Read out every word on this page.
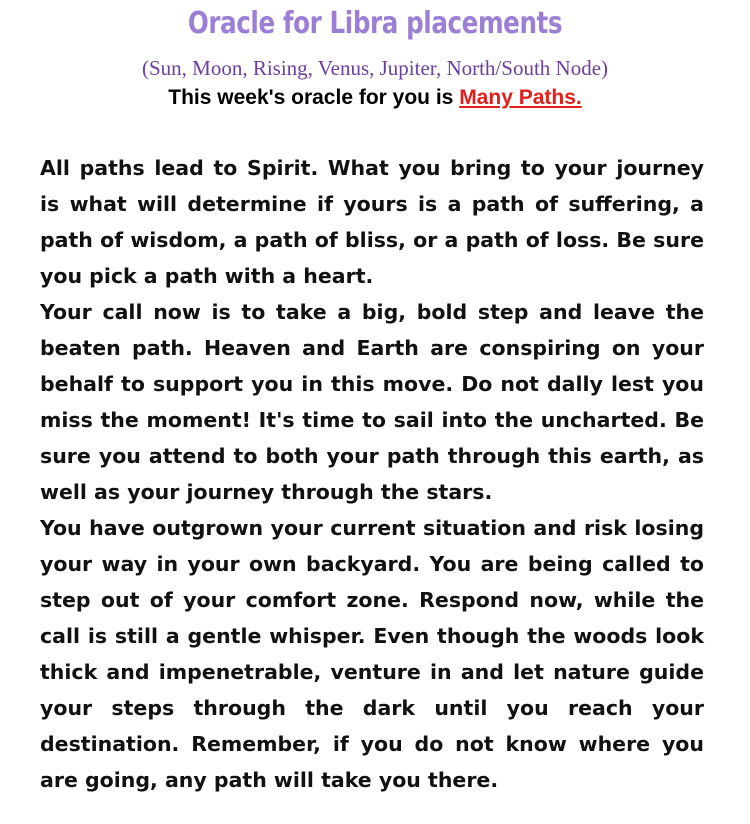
Oracle for Libra placements
(Sun, Moon, Rising, Venus, Jupiter, North/South Node)
This week's oracle for you is Many Paths.

All paths lead to Spirit. What you bring to your journey is what will determine if yours is a path of suffering, a path of wisdom, a path of bliss, or a path of loss. Be sure you pick a path with a heart.

Your call now is to take a big, bold step and leave the beaten path. Heaven and Earth are conspiring on your behalf to support you in this move. Do not dally lest you miss the moment! It's time to sail into the uncharted. Be sure you attend to both your path through this earth, as well as your journey through the stars.

You have outgrown your current situation and risk losing your way in your own backyard. You are being called to step out of your comfort zone. Respond now, while the call is still a gentle whisper. Even though the woods look thick and impenetrable, venture in and let nature guide your steps through the dark until you reach your destination. Remember, if you do not know where you are going, any path will take you there.
